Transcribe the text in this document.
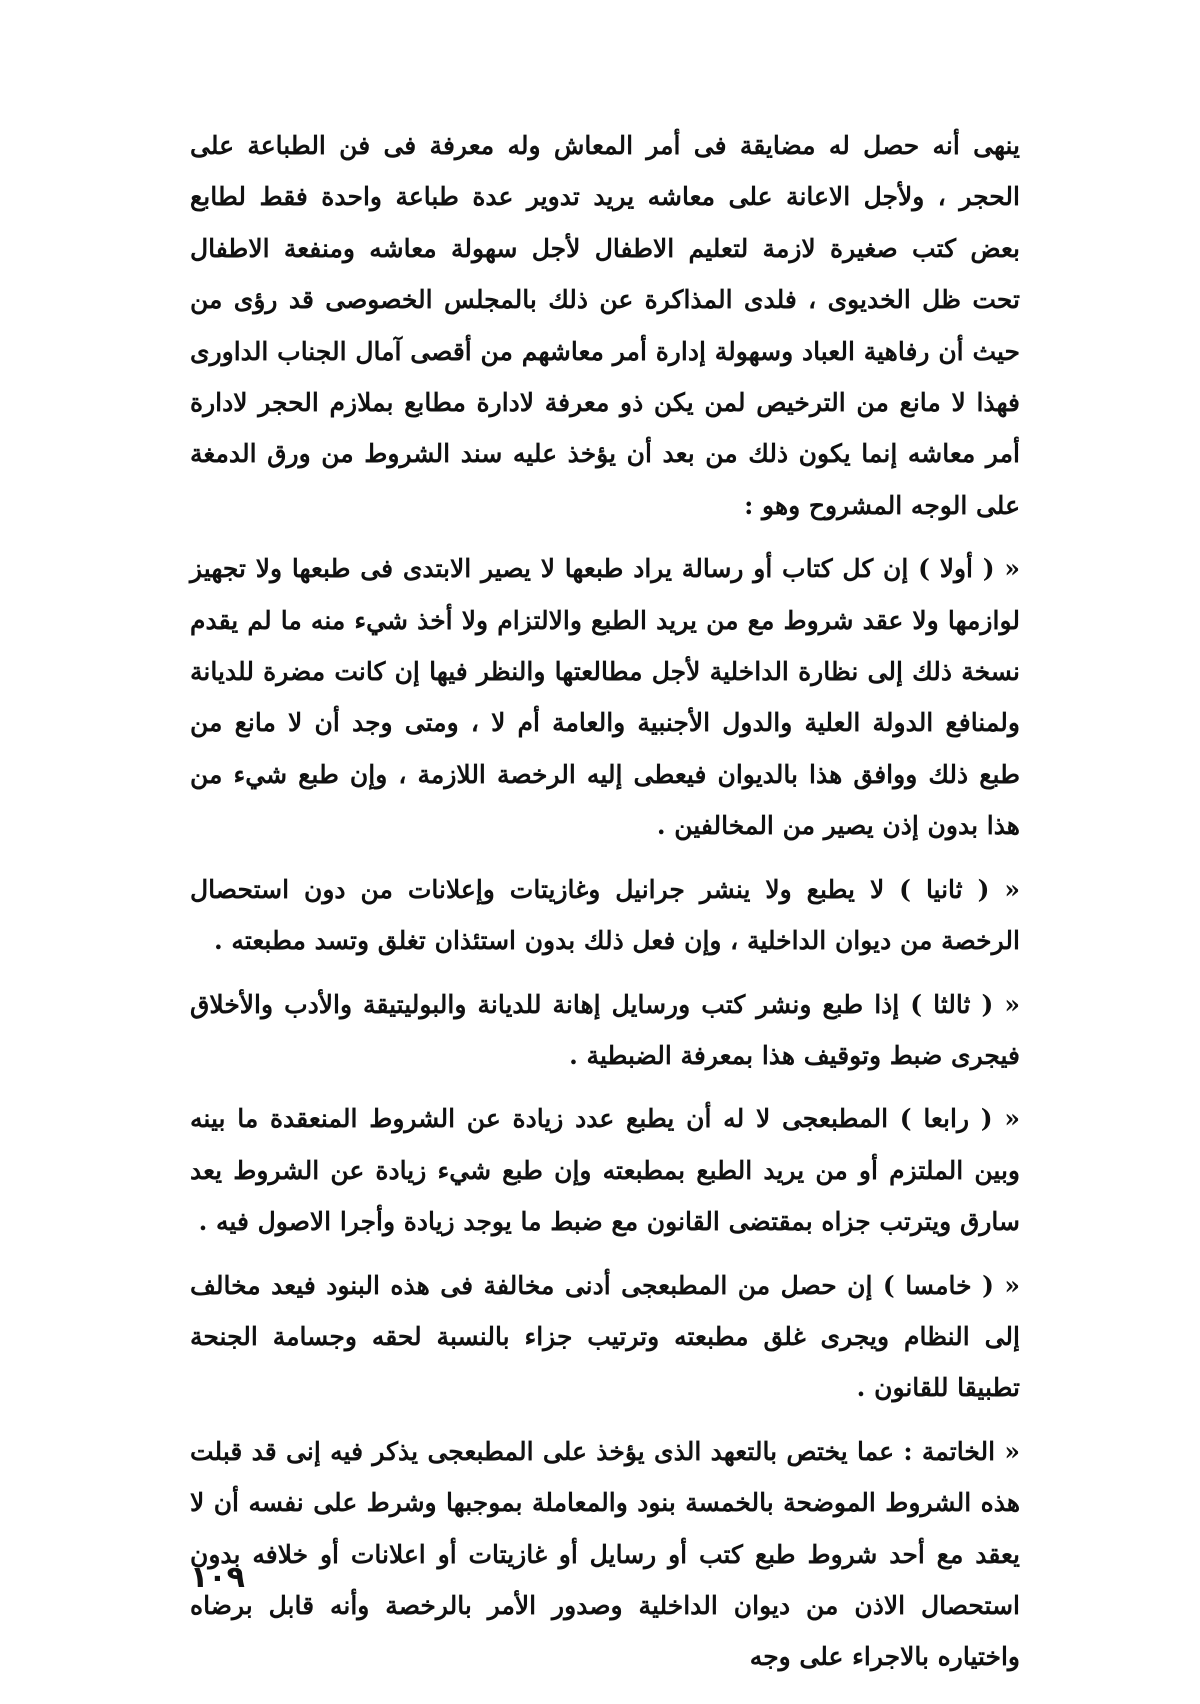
ينهى أنه حصل له مضايقة فى أمر المعاش وله معرفة فى فن الطباعة على الحجر ، ولأجل الاعانة على معاشه يريد تدوير عدة طباعة واحدة فقط لطابع بعض كتب صغيرة لازمة لتعليم الاطفال لأجل سهولة معاشه ومنفعة الاطفال تحت ظل الخديوى ، فلدى المذاكرة عن ذلك بالمجلس الخصوصى قد رؤى من حيث أن رفاهية العباد وسهولة إدارة أمر معاشهم من أقصى آمال الجناب الداورى فهذا لا مانع من الترخيص لمن يكن ذو معرفة لادارة مطابع بملازم الحجر لادارة أمر معاشه إنما يكون ذلك من بعد أن يؤخذ عليه سند الشروط من ورق الدمغة على الوجه المشروح وهو :

« ( أولا ) إن كل كتاب أو رسالة يراد طبعها لا يصير الابتدى فى طبعها ولا تجهيز لوازمها ولا عقد شروط مع من يريد الطبع والالتزام ولا أخذ شيء منه ما لم يقدم نسخة ذلك إلى نظارة الداخلية لأجل مطالعتها والنظر فيها إن كانت مضرة للديانة ولمنافع الدولة العلية والدول الأجنبية والعامة أم لا ، ومتى وجد أن لا مانع من طبع ذلك ووافق هذا بالديوان فيعطى إليه الرخصة اللازمة ، وإن طبع شيء من هذا بدون إذن يصير من المخالفين .

« ( ثانيا ) لا يطبع ولا ينشر جرانيل وغازيتات وإعلانات من دون استحصال الرخصة من ديوان الداخلية ، وإن فعل ذلك بدون استئذان تغلق وتسد مطبعته .

« ( ثالثا ) إذا طبع ونشر كتب ورسايل إهانة للديانة والبوليتيقة والأدب والأخلاق فيجرى ضبط وتوقيف هذا بمعرفة الضبطية .

« ( رابعا ) المطبعجى لا له أن يطبع عدد زيادة عن الشروط المنعقدة ما بينه وبين الملتزم أو من يريد الطبع بمطبعته وإن طبع شيء زيادة عن الشروط يعد سارق ويترتب جزاه بمقتضى القانون مع ضبط ما يوجد زيادة وأجرا الاصول فيه .

« ( خامسا ) إن حصل من المطبعجى أدنى مخالفة فى هذه البنود فيعد مخالف إلى النظام ويجرى غلق مطبعته وترتيب جزاء بالنسبة لحقه وجسامة الجنحة تطبيقا للقانون .

« الخاتمة : عما يختص بالتعهد الذى يؤخذ على المطبعجى يذكر فيه إنى قد قبلت هذه الشروط الموضحة بالخمسة بنود والمعاملة بموجبها وشرط على نفسه أن لا يعقد مع أحد شروط طبع كتب أو رسايل أو غازيتات أو اعلانات أو خلافه بدون استحصال الاذن من ديوان الداخلية وصدور الأمر بالرخصة وأنه قابل برضاه واختياره بالاجراء على وجه

١٠٩
